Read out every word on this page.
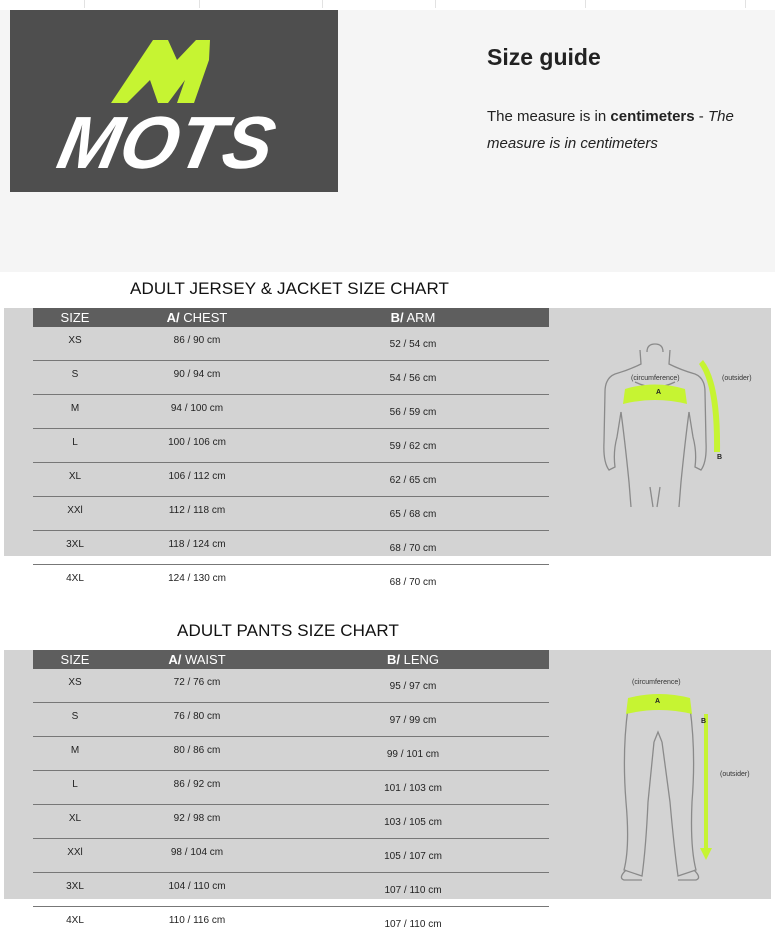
MOTS
Size guide

The measure is in centimeters - The measure is in centimeters

ADULT JERSEY & JACKET SIZE CHART
SIZE	A/ CHEST	B/ ARM
XS	86 / 90 cm	52 / 54 cm
S	90 / 94 cm	54 / 56 cm
M	94 / 100 cm	56 / 59 cm
L	100 / 106 cm	59 / 62 cm
XL	106 / 112 cm	62 / 65 cm
XXl	112 / 118 cm	65 / 68 cm
3XL	118 / 124 cm	68 / 70 cm
4XL	124 / 130 cm	68 / 70 cm
(circumference)	(outsider)
A
B
ADULT PANTS SIZE CHART
SIZE	A/ WAIST	B/ LENG
XS	72 / 76 cm	95 / 97 cm
S	76 / 80 cm	97 / 99 cm
M	80 / 86 cm	99 / 101 cm
L	86 / 92 cm	101 / 103 cm
XL	92 / 98 cm	103 / 105 cm
XXl	98 / 104 cm	105 / 107 cm
3XL	104 / 110 cm	107 / 110 cm
4XL	110 / 116 cm	107 / 110 cm
(circumference)
(outsider)
A
B
